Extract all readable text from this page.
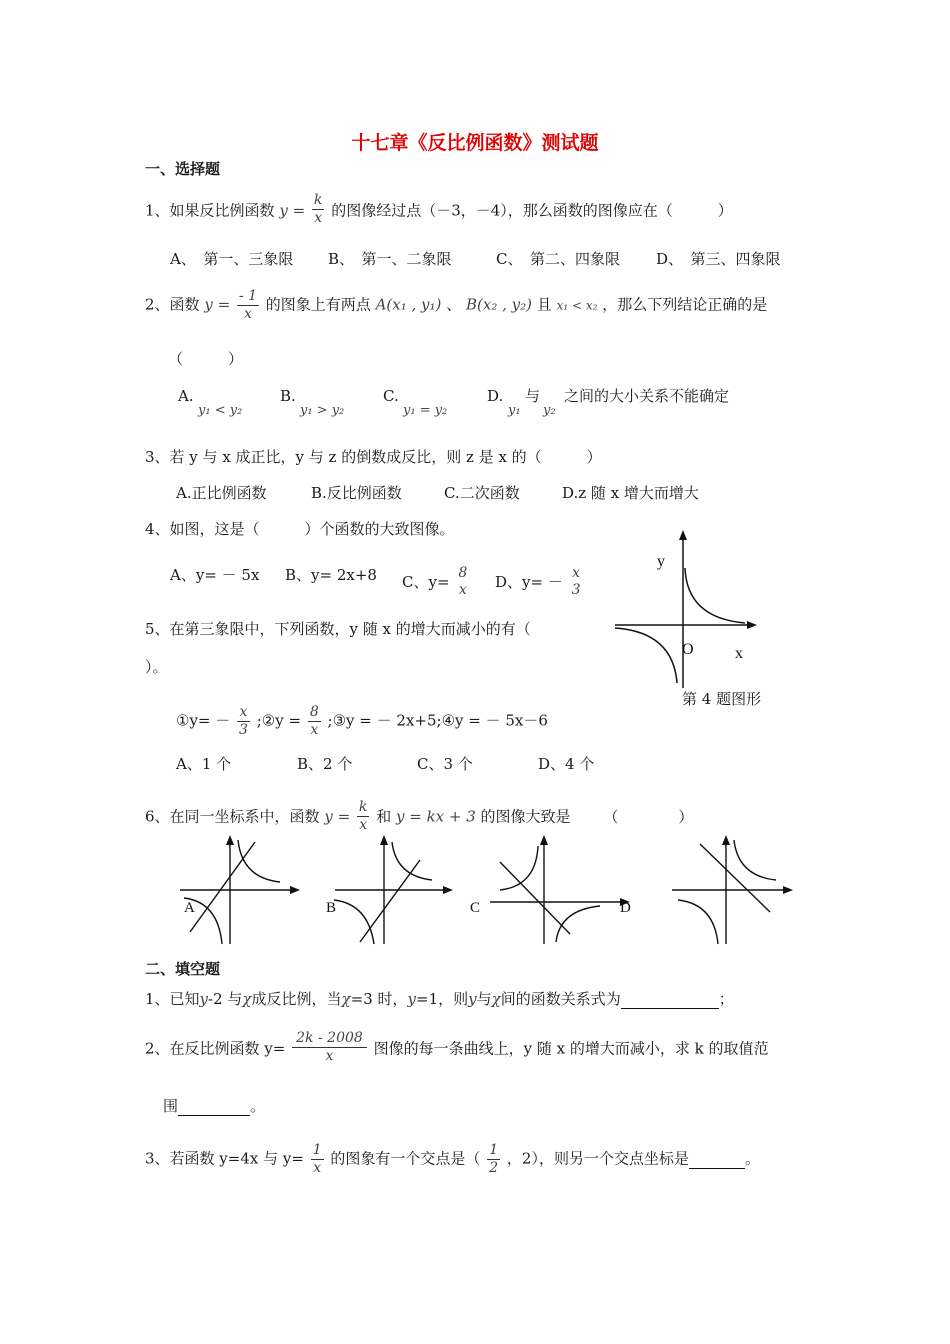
十七章《反比例函数》测试题
一、选择题
1、如果反比例函数 $y = \frac{k}{x}$ 的图像经过点（－3，－4），那么函数的图像应在（　　　）
A、　第一、三象限 B、　第一、二象限	C、　第二、四象限 D、　第三、四象限
2、函数 $y = \frac{- 1}{x}$ 的图象上有两点 A(x₁ , y₁) 、 B(x₂ , y₂) 且 x₁ < x₂ ，那么下列结论正确的是
（　　　）
A.
y₁ < y₂
B.
y₁ > y₂
C.
y₁ = y₂
D.
y₁
与
y₂
之间的大小关系不能确定
3、若 y 与 x 成正比，y 与 z 的倒数成反比，则 z 是 x 的（　　　）
A.正比例函数	B.反比例函数	C.二次函数	D.z 随 x 增大而增大
4、如图，这是（　　　）个函数的大致图像。
A、y= － 5x B、y= 2x+8 C、y= 8
x D、y= － x
3
y
O	x
第 4 题图形
5、在第三象限中，下列函数，y 随 x 的增大而减小的有（
）。
①y= － $\frac{x}{3}$ ;②y = $\frac{8}{x}$ ;③y = － 2x+5;④y = － 5x－6
A、1 个	B、2 个	C、3 个	D、4 个
6、在同一坐标系中，函数 $y = \frac{k}{x}$ 和 y = kx + 3 的图像大致是 （　　　　）
A	B	C	D
二、填空题
1、已知y-2 与χ成反比例，当χ=3 时，y=1，则y与χ间的函数关系式为	；
2、在反比例函数 $y= \frac{2k - 2008}{x}$ 图像的每一条曲线上，y 随 x 的增大而减小，求 k 的取值范
围	。
3、若函数 y=4x 与 $y= \frac{1}{x}$ 的图象有一个交点是（ $\frac{1}{2}$ ，2），则另一个交点坐标是	。
